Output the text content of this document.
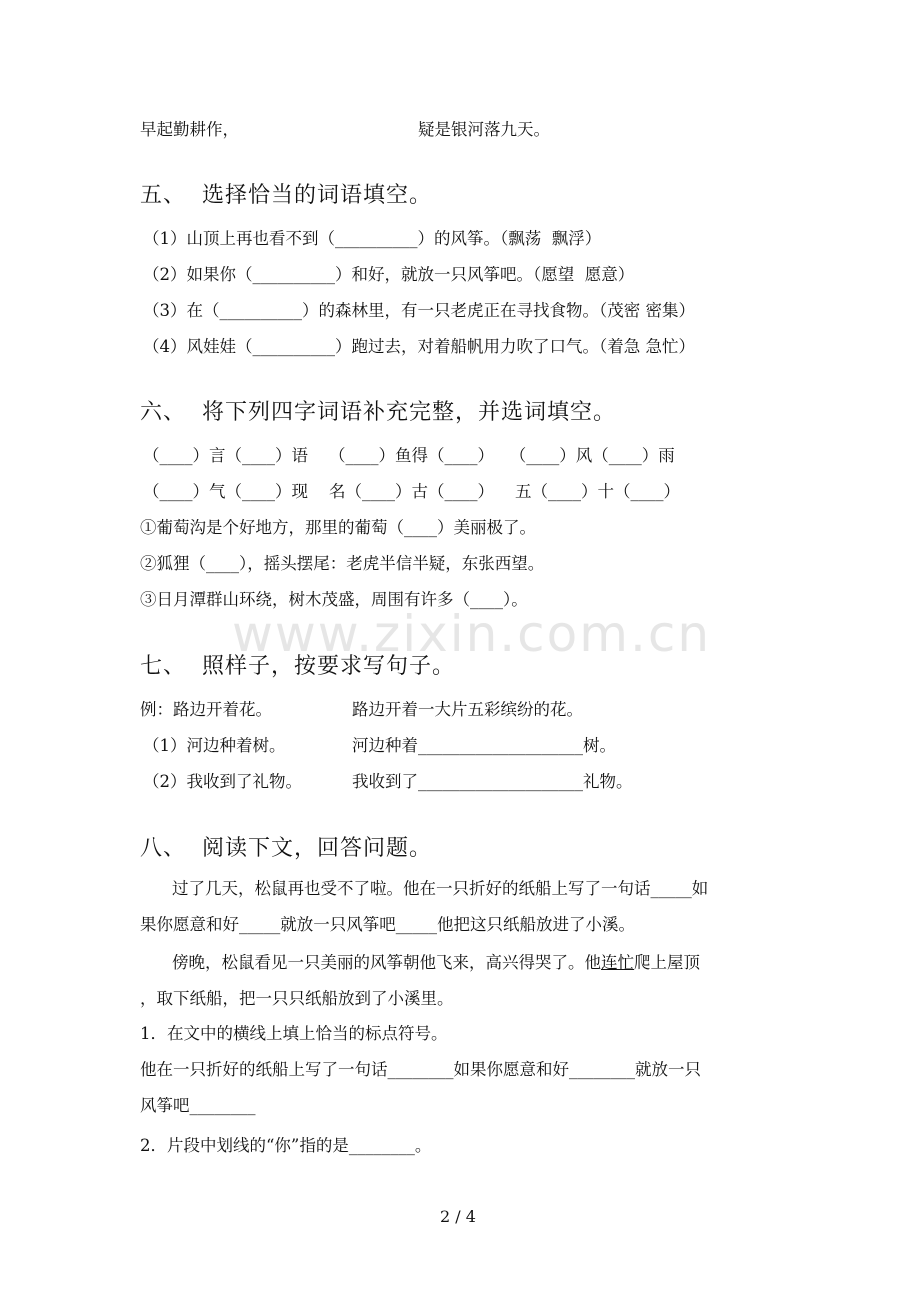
早起勤耕作，	疑是银河落九天。
五、  选择恰当的词语填空。
（1）山顶上再也看不到（__________）的风筝。（飘荡  飘浮）
（2）如果你（__________）和好，就放一只风筝吧。（愿望  愿意）
（3）在（__________）的森林里，有一只老虎正在寻找食物。（茂密 密集）
（4）风娃娃（__________）跑过去，对着船帆用力吹了口气。（着急 急忙）
六、  将下列四字词语补充完整，并选词填空。
（____）言（____）语    （____）鱼得（____）   （____）风（____）雨
（____）气（____）现    名（____）古（____）    五（____）十（____）
①葡萄沟是个好地方，那里的葡萄（____）美丽极了。
②狐狸（____），摇头摆尾：老虎半信半疑，东张西望。
③日月潭群山环绕，树木茂盛，周围有许多（____）。
www.zixin.com.cn
七、  照样子，按要求写句子。
例：路边开着花。	路边开着一大片五彩缤纷的花。
（1）河边种着树。	河边种着____________________树。
（2）我收到了礼物。	我收到了____________________礼物。
八、  阅读下文，回答问题。
过了几天，松鼠再也受不了啦。他在一只折好的纸船上写了一句话_____如
果你愿意和好_____就放一只风筝吧_____他把这只纸船放进了小溪。
傍晚，松鼠看见一只美丽的风筝朝他飞来，高兴得哭了。他连忙爬上屋顶
，取下纸船，把一只只纸船放到了小溪里。
1．在文中的横线上填上恰当的标点符号。
他在一只折好的纸船上写了一句话________如果你愿意和好________就放一只
风筝吧________
2．片段中划线的“你”指的是________。
2 / 4
